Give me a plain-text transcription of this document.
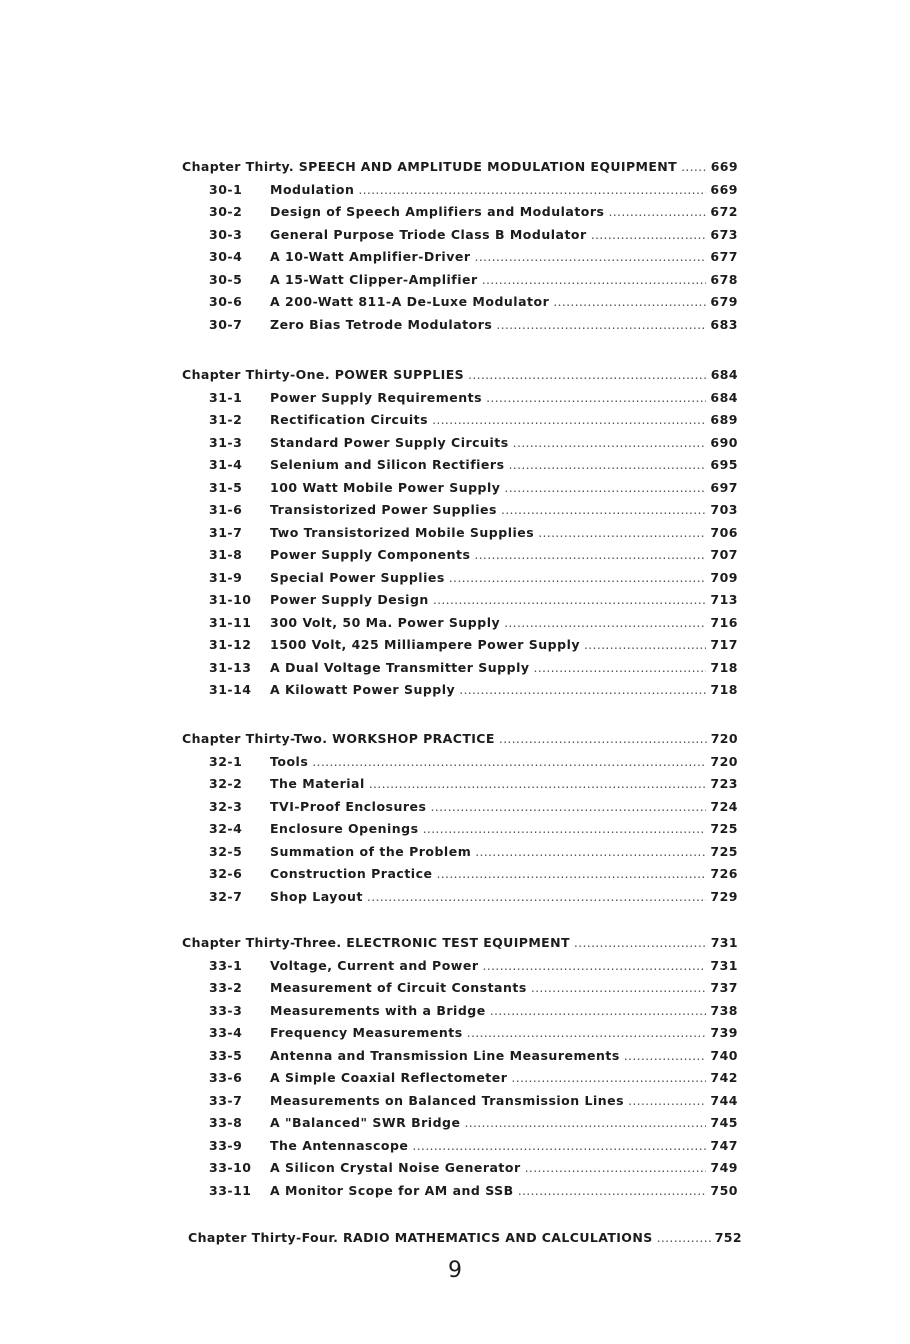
Chapter Thirty. SPEECH AND AMPLITUDE MODULATION EQUIPMENT .....	669
30-1	Modulation .....	669
30-2	Design of Speech Amplifiers and Modulators .....	672
30-3	General Purpose Triode Class B Modulator .....	673
30-4	A 10-Watt Amplifier-Driver .....	677
30-5	A 15-Watt Clipper-Amplifier .....	678
30-6	A 200-Watt 811-A De-Luxe Modulator .....	679
30-7	Zero Bias Tetrode Modulators .....	683
Chapter Thirty-One. POWER SUPPLIES .....	684
31-1	Power Supply Requirements .....	684
31-2	Rectification Circuits .....	689
31-3	Standard Power Supply Circuits .....	690
31-4	Selenium and Silicon Rectifiers .....	695
31-5	100 Watt Mobile Power Supply .....	697
31-6	Transistorized Power Supplies .....	703
31-7	Two Transistorized Mobile Supplies .....	706
31-8	Power Supply Components .....	707
31-9	Special Power Supplies .....	709
31-10	Power Supply Design .....	713
31-11	300 Volt, 50 Ma. Power Supply .....	716
31-12	1500 Volt, 425 Milliampere Power Supply .....	717
31-13	A Dual Voltage Transmitter Supply .....	718
31-14	A Kilowatt Power Supply .....	718
Chapter Thirty-Two. WORKSHOP PRACTICE .....	720
32-1	Tools .....	720
32-2	The Material .....	723
32-3	TVI-Proof Enclosures .....	724
32-4	Enclosure Openings .....	725
32-5	Summation of the Problem .....	725
32-6	Construction Practice .....	726
32-7	Shop Layout .....	729
Chapter Thirty-Three. ELECTRONIC TEST EQUIPMENT .....	731
33-1	Voltage, Current and Power .....	731
33-2	Measurement of Circuit Constants .....	737
33-3	Measurements with a Bridge .....	738
33-4	Frequency Measurements .....	739
33-5	Antenna and Transmission Line Measurements .....	740
33-6	A Simple Coaxial Reflectometer .....	742
33-7	Measurements on Balanced Transmission Lines .....	744
33-8	A "Balanced" SWR Bridge .....	745
33-9	The Antennascope .....	747
33-10	A Silicon Crystal Noise Generator .....	749
33-11	A Monitor Scope for AM and SSB .....	750
Chapter Thirty-Four. RADIO MATHEMATICS AND CALCULATIONS .....	752
9
